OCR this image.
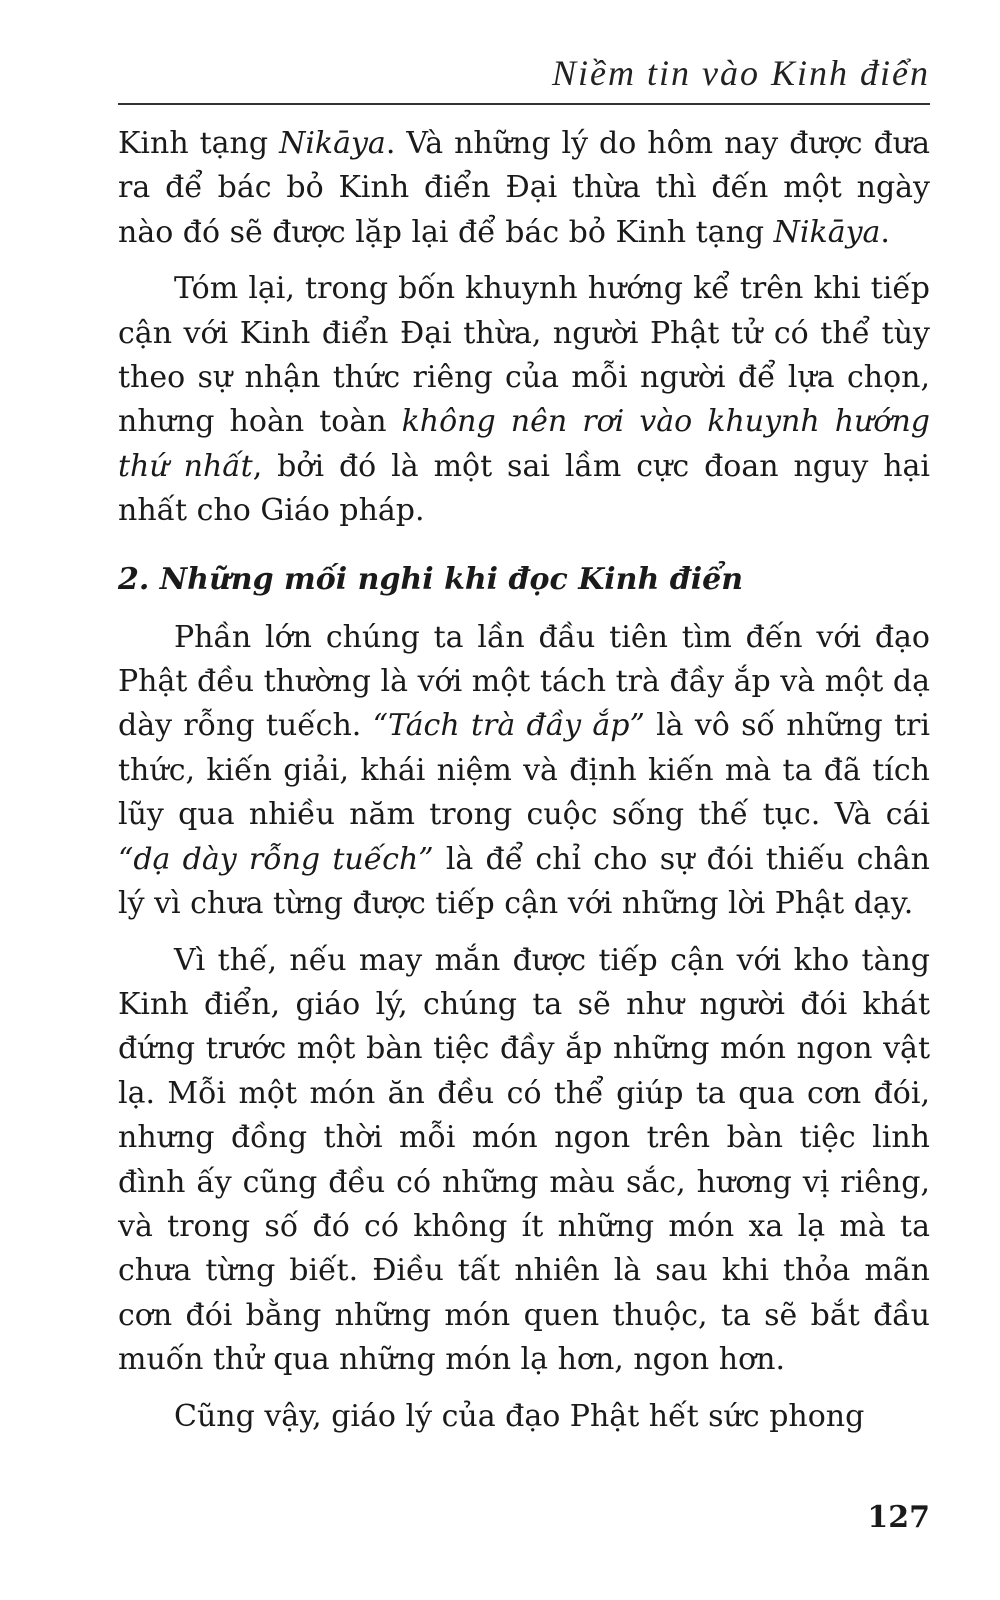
Niềm tin vào Kinh điển

Kinh tạng Nikāya. Và những lý do hôm nay được đưa ra để bác bỏ Kinh điển Đại thừa thì đến một ngày nào đó sẽ được lặp lại để bác bỏ Kinh tạng Nikāya.

Tóm lại, trong bốn khuynh hướng kể trên khi tiếp cận với Kinh điển Đại thừa, người Phật tử có thể tùy theo sự nhận thức riêng của mỗi người để lựa chọn, nhưng hoàn toàn không nên rơi vào khuynh hướng thứ nhất, bởi đó là một sai lầm cực đoan nguy hại nhất cho Giáo pháp.

2. Những mối nghi khi đọc Kinh điển

Phần lớn chúng ta lần đầu tiên tìm đến với đạo Phật đều thường là với một tách trà đầy ắp và một dạ dày rỗng tuếch. “Tách trà đầy ắp” là vô số những tri thức, kiến giải, khái niệm và định kiến mà ta đã tích lũy qua nhiều năm trong cuộc sống thế tục. Và cái “dạ dày rỗng tuếch” là để chỉ cho sự đói thiếu chân lý vì chưa từng được tiếp cận với những lời Phật dạy.

Vì thế, nếu may mắn được tiếp cận với kho tàng Kinh điển, giáo lý, chúng ta sẽ như người đói khát đứng trước một bàn tiệc đầy ắp những món ngon vật lạ. Mỗi một món ăn đều có thể giúp ta qua cơn đói, nhưng đồng thời mỗi món ngon trên bàn tiệc linh đình ấy cũng đều có những màu sắc, hương vị riêng, và trong số đó có không ít những món xa lạ mà ta chưa từng biết. Điều tất nhiên là sau khi thỏa mãn cơn đói bằng những món quen thuộc, ta sẽ bắt đầu muốn thử qua những món lạ hơn, ngon hơn.

Cũng vậy, giáo lý của đạo Phật hết sức phong

127
